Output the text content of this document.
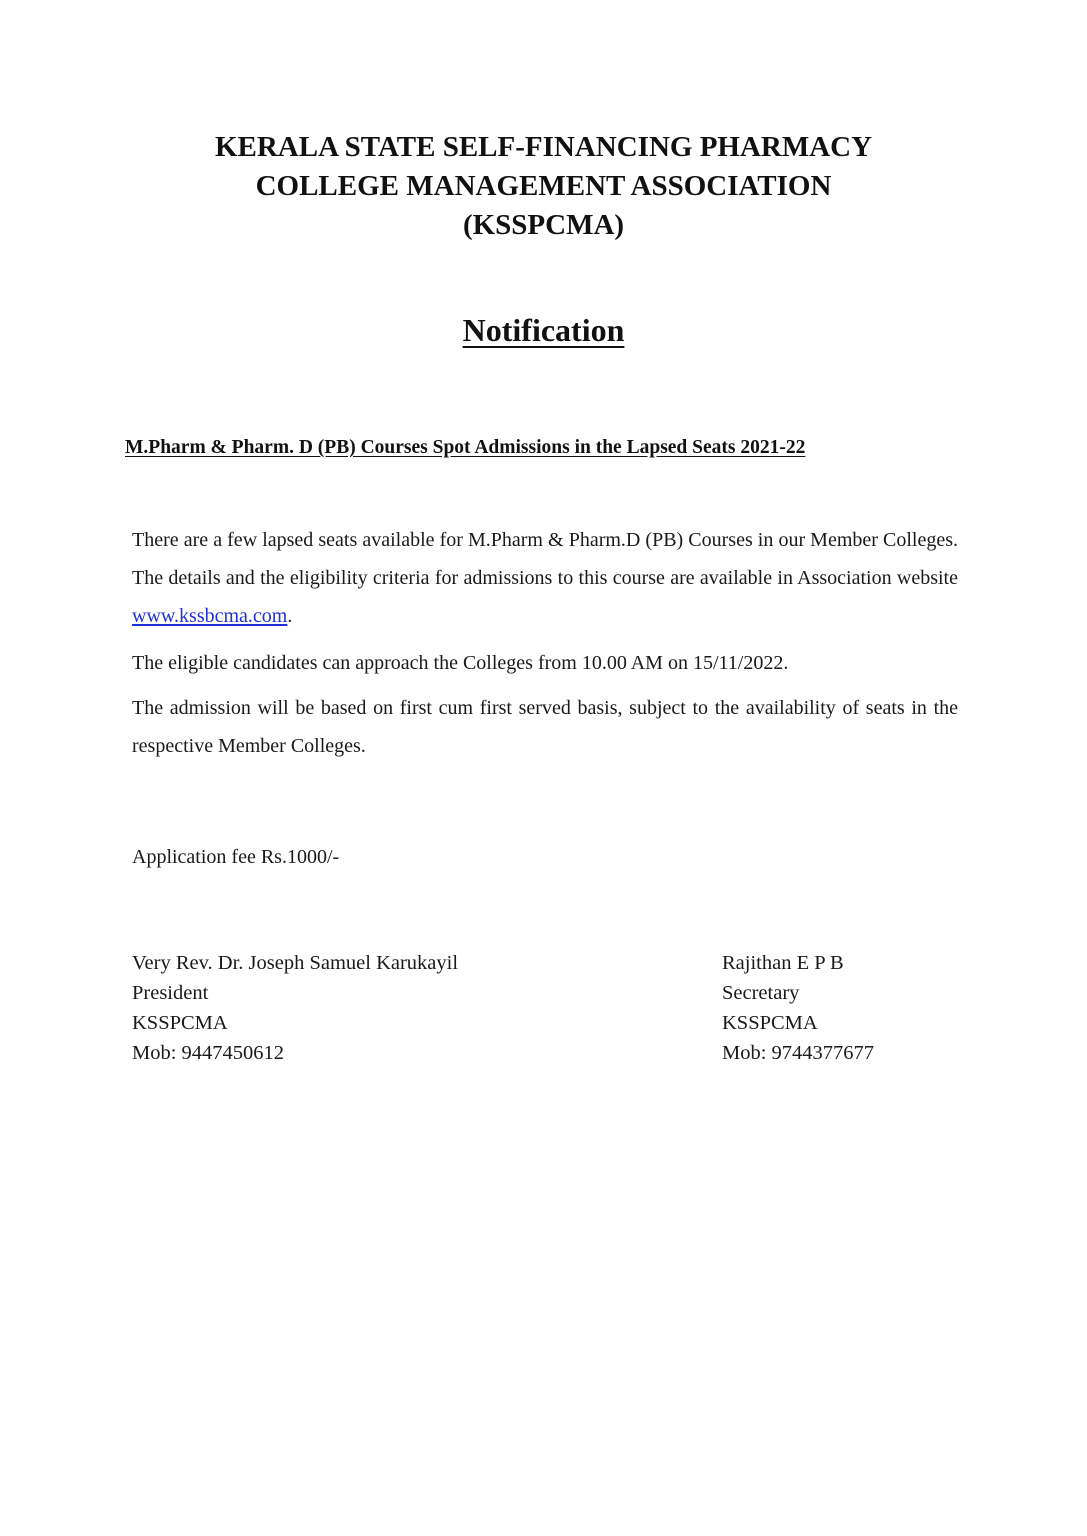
KERALA STATE SELF-FINANCING PHARMACY
COLLEGE MANAGEMENT ASSOCIATION
(KSSPCMA)
Notification
M.Pharm & Pharm. D (PB) Courses Spot Admissions in the Lapsed Seats 2021-22
There are a few lapsed seats available for M.Pharm & Pharm.D (PB) Courses in our Member Colleges. The details and the eligibility criteria for admissions to this course are available in Association website www.kssbcma.com.
The eligible candidates can approach the Colleges from 10.00 AM on 15/11/2022.
The admission will be based on first cum first served basis, subject to the availability of seats in the respective Member Colleges.
Application fee Rs.1000/-
Very Rev. Dr. Joseph Samuel Karukayil
President
KSSPCMA
Mob: 9447450612
Rajithan E P B
Secretary
KSSPCMA
Mob: 9744377677
